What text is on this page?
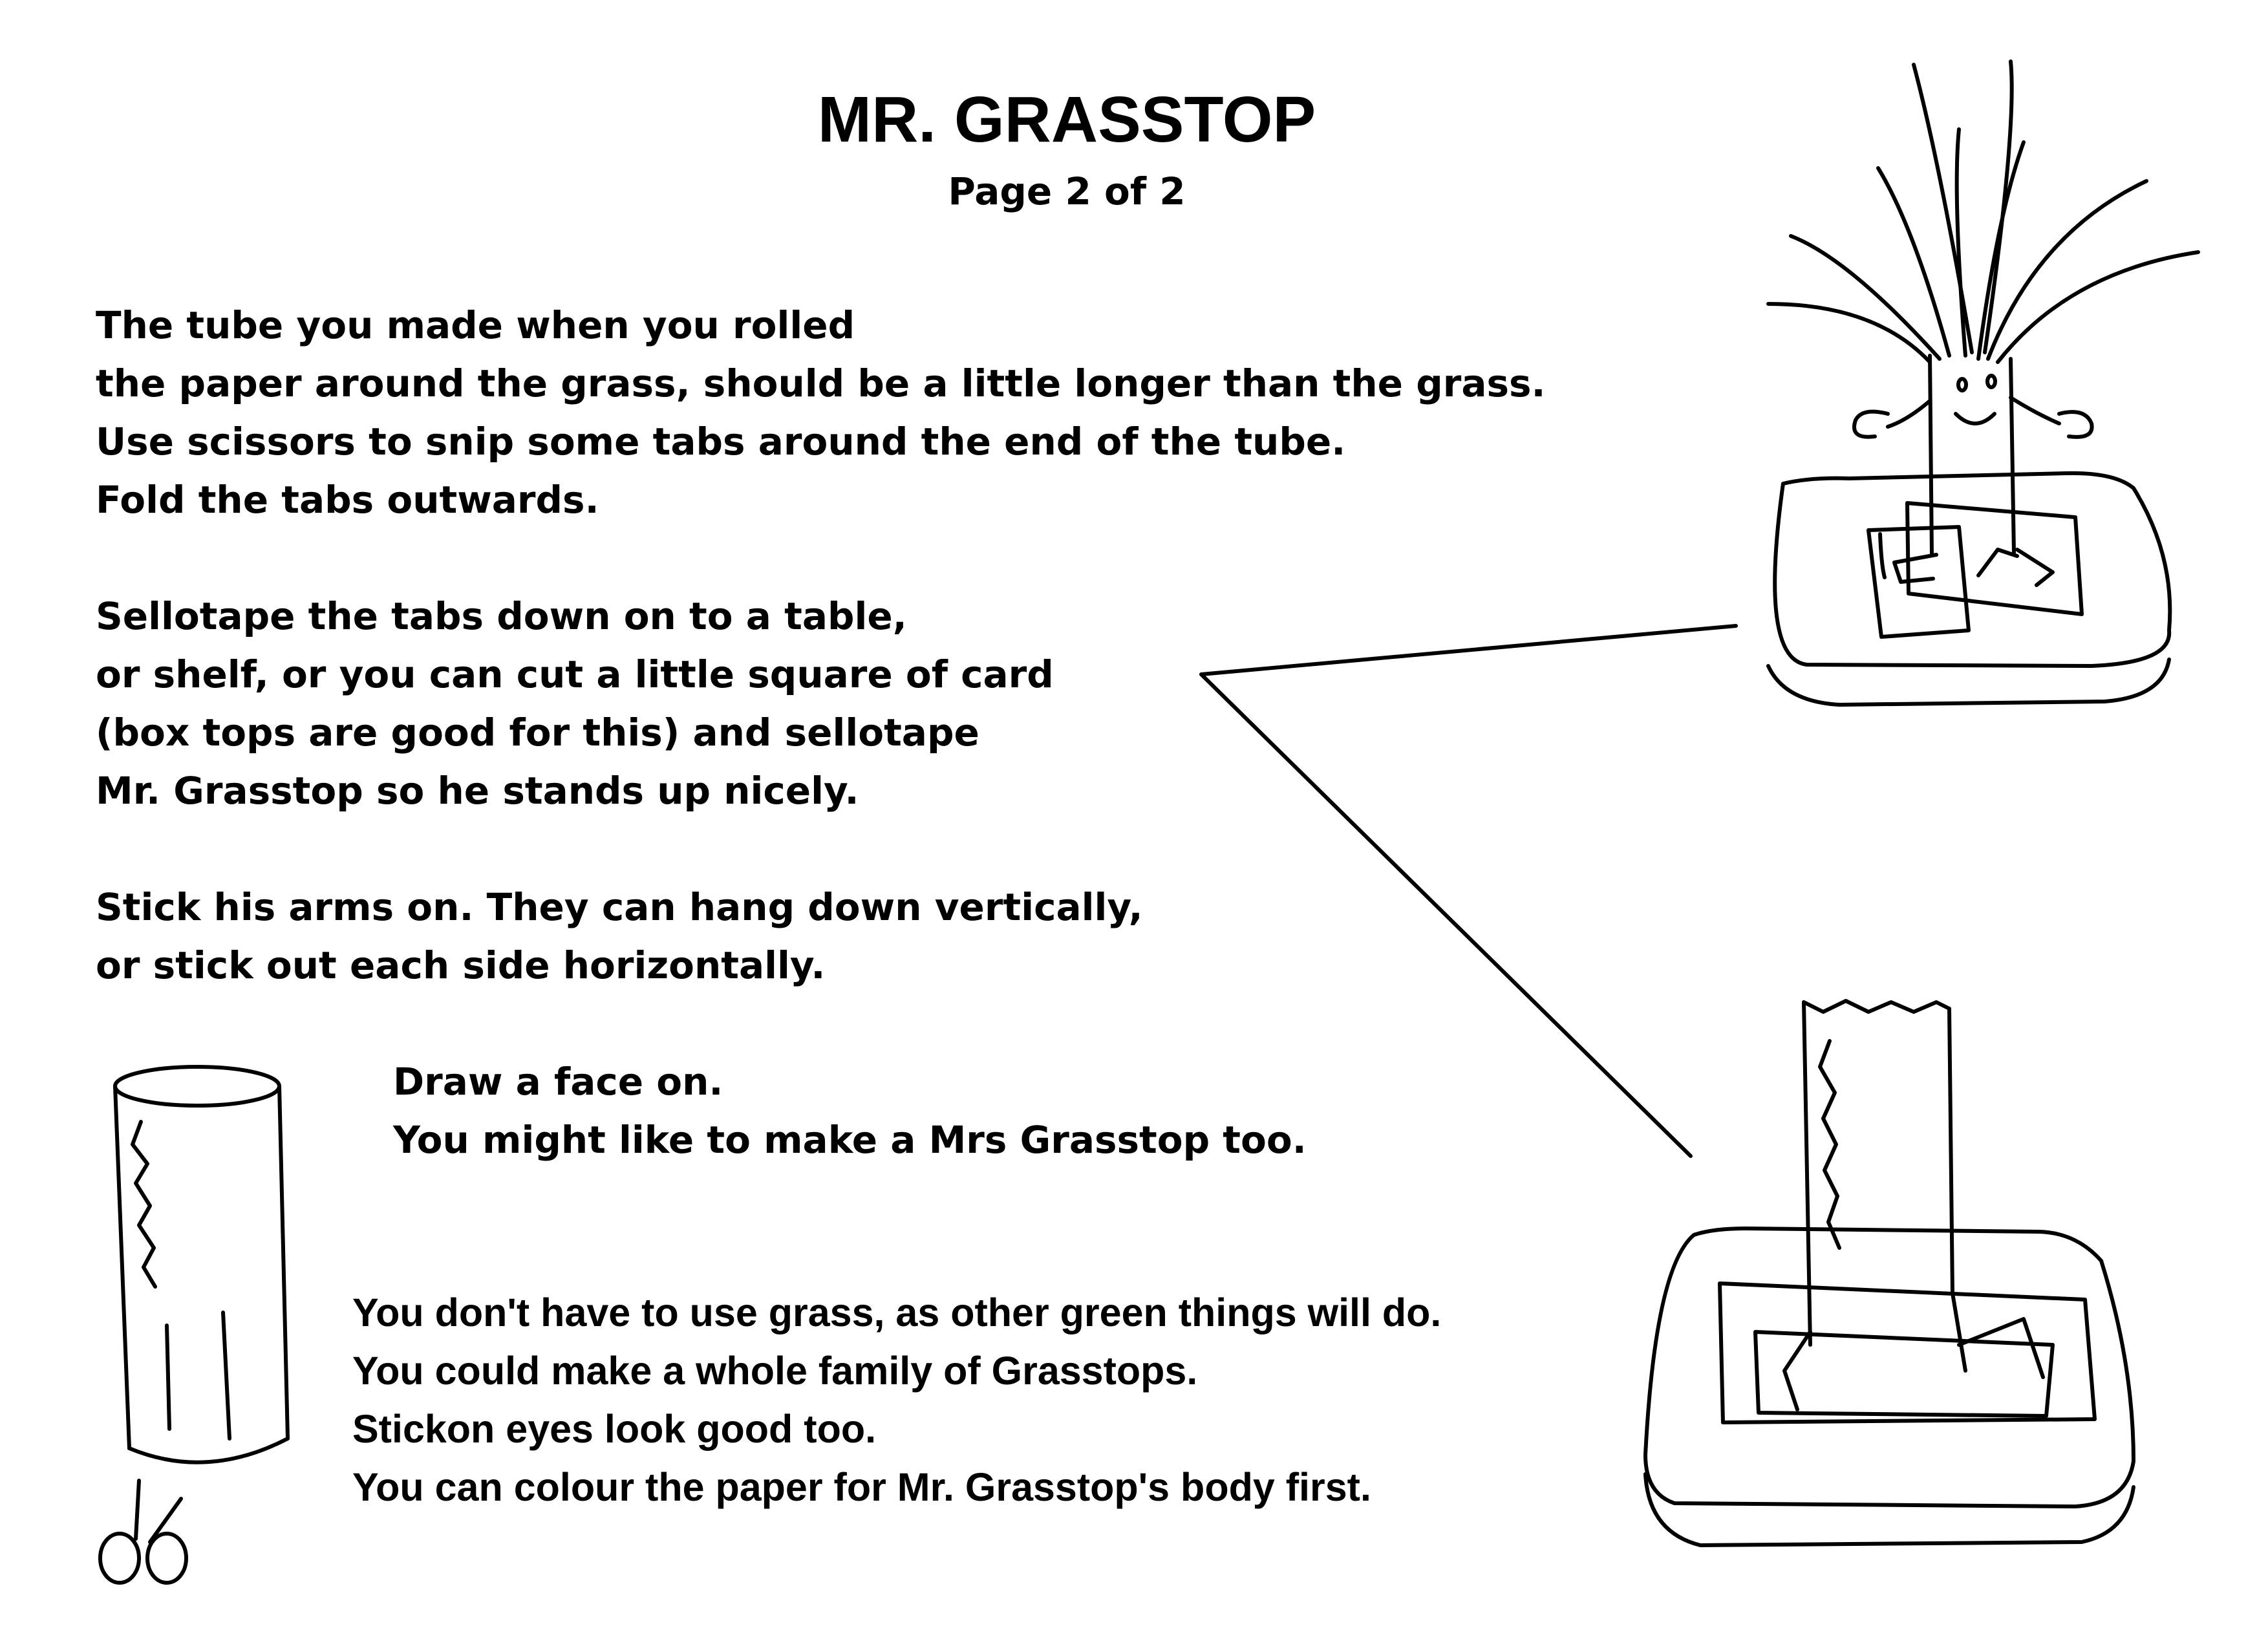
MR. GRASSTOP
Page 2 of 2
The tube you made when you rolled
the paper around the grass, should be a little longer than the grass.
Use scissors to snip some tabs around the end of the tube.
Fold the tabs outwards.
Sellotape the tabs down on to a table,
or shelf, or you can cut a little square of card
(box tops are good for this) and sellotape
Mr. Grasstop so he stands up nicely.
Stick his arms on. They can hang down vertically,
or stick out each side horizontally.
Draw a face on.
You might like to make a Mrs Grasstop too.
You don't have to use grass, as other green things will do.
You could make a whole family of Grasstops.
Stickon eyes look good too.
You can colour the paper for Mr. Grasstop's body first.
